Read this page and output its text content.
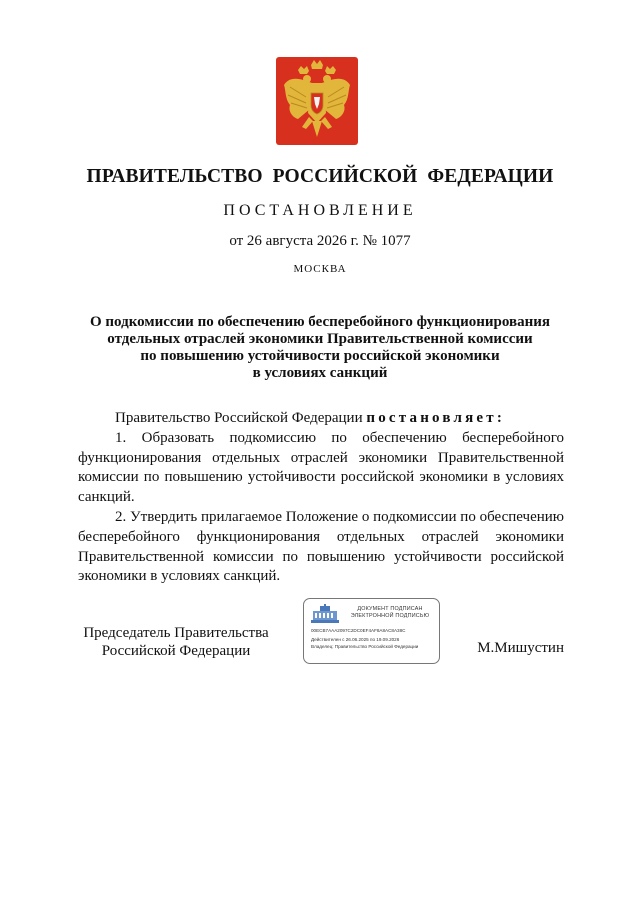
ПРАВИТЕЛЬСТВО РОССИЙСКОЙ ФЕДЕРАЦИИ
ПОСТАНОВЛЕНИЕ
от 26 августа 2026 г. № 1077
МОСКВА
О подкомиссии по обеспечению бесперебойного функционирования
отдельных отраслей экономики Правительственной комиссии
по повышению устойчивости российской экономики
в условиях санкций

Правительство Российской Федерации постановляет:

1. Образовать подкомиссию по обеспечению бесперебойного функционирования отдельных отраслей экономики Правительственной комиссии по повышению устойчивости российской экономики в условиях санкций.

2. Утвердить прилагаемое Положение о подкомиссии по обеспечению бесперебойного функционирования отдельных отраслей экономики Правительственной комиссии по повышению устойчивости российской экономики в условиях санкций.

Председатель Правительства
Российской Федерации
ДОКУМЕНТ ПОДПИСАН
ЭЛЕКТРОННОЙ ПОДПИСЬЮ
00ECB7AAA2097C2DC0EF4AF8A8AC8A38C
Действителен с 26.06.2025 по 19.09.2026
Владелец: Правительство Российской Федерации	М.Мишустин
